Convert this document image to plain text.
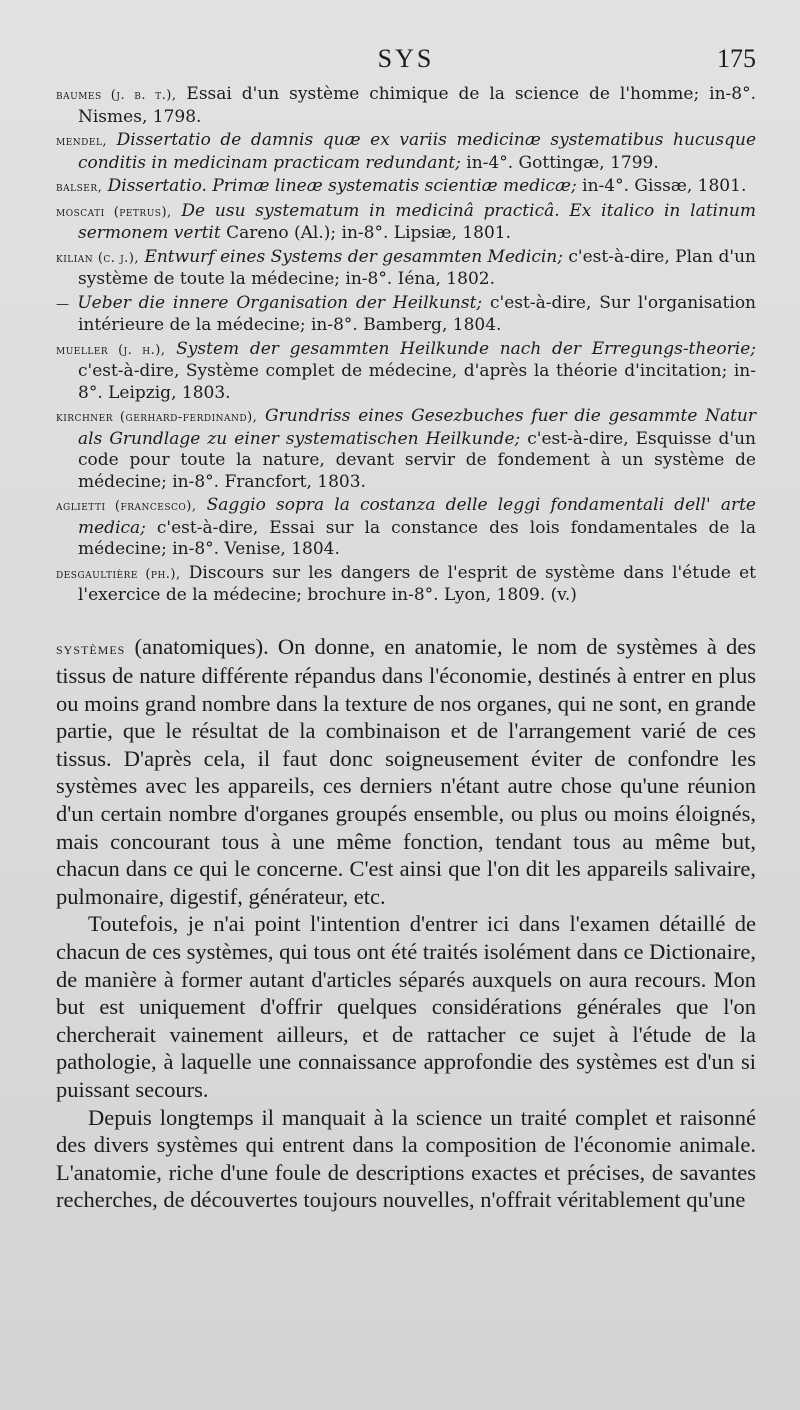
SYS	175

baumes (j. b. t.), Essai d'un système chimique de la science de l'homme; in-8°. Nismes, 1798.

mendel, Dissertatio de damnis quæ ex variis medicinæ systematibus hucusque conditis in medicinam practicam redundant; in-4°. Gottingæ, 1799.

balser, Dissertatio. Primæ lineæ systematis scientiæ medicæ; in-4°. Gissæ, 1801.

moscati (petrus), De usu systematum in medicinâ practicâ. Ex italico in latinum sermonem vertit Careno (Al.); in-8°. Lipsiæ, 1801.

kilian (c. j.), Entwurf eines Systems der gesammten Medicin; c'est-à-dire, Plan d'un système de toute la médecine; in-8°. Iéna, 1802.

— Ueber die innere Organisation der Heilkunst; c'est-à-dire, Sur l'organisation intérieure de la médecine; in-8°. Bamberg, 1804.

mueller (j. h.), System der gesammten Heilkunde nach der Erregungs-theorie; c'est-à-dire, Système complet de médecine, d'après la théorie d'incitation; in-8°. Leipzig, 1803.

kirchner (gerhard-ferdinand), Grundriss eines Gesezbuches fuer die gesammte Natur als Grundlage zu einer systematischen Heilkunde; c'est-à-dire, Esquisse d'un code pour toute la nature, devant servir de fondement à un système de médecine; in-8°. Francfort, 1803.

aglietti (francesco), Saggio sopra la costanza delle leggi fondamentali dell' arte medica; c'est-à-dire, Essai sur la constance des lois fondamentales de la médecine; in-8°. Venise, 1804.

desgaultière (ph.), Discours sur les dangers de l'esprit de système dans l'étude et l'exercice de la médecine; brochure in-8°. Lyon, 1809. (v.)

systèmes (anatomiques). On donne, en anatomie, le nom de systèmes à des tissus de nature différente répandus dans l'économie, destinés à entrer en plus ou moins grand nombre dans la texture de nos organes, qui ne sont, en grande partie, que le résultat de la combinaison et de l'arrangement varié de ces tissus. D'après cela, il faut donc soigneusement éviter de confondre les systèmes avec les appareils, ces derniers n'étant autre chose qu'une réunion d'un certain nombre d'organes groupés ensemble, ou plus ou moins éloignés, mais concourant tous à une même fonction, tendant tous au même but, chacun dans ce qui le concerne. C'est ainsi que l'on dit les appareils salivaire, pulmonaire, digestif, générateur, etc.

Toutefois, je n'ai point l'intention d'entrer ici dans l'examen détaillé de chacun de ces systèmes, qui tous ont été traités isolément dans ce Dictionaire, de manière à former autant d'articles séparés auxquels on aura recours. Mon but est uniquement d'offrir quelques considérations générales que l'on chercherait vainement ailleurs, et de rattacher ce sujet à l'étude de la pathologie, à laquelle une connaissance approfondie des systèmes est d'un si puissant secours.

Depuis longtemps il manquait à la science un traité complet et raisonné des divers systèmes qui entrent dans la composition de l'économie animale. L'anatomie, riche d'une foule de descriptions exactes et précises, de savantes recherches, de découvertes toujours nouvelles, n'offrait véritablement qu'une
